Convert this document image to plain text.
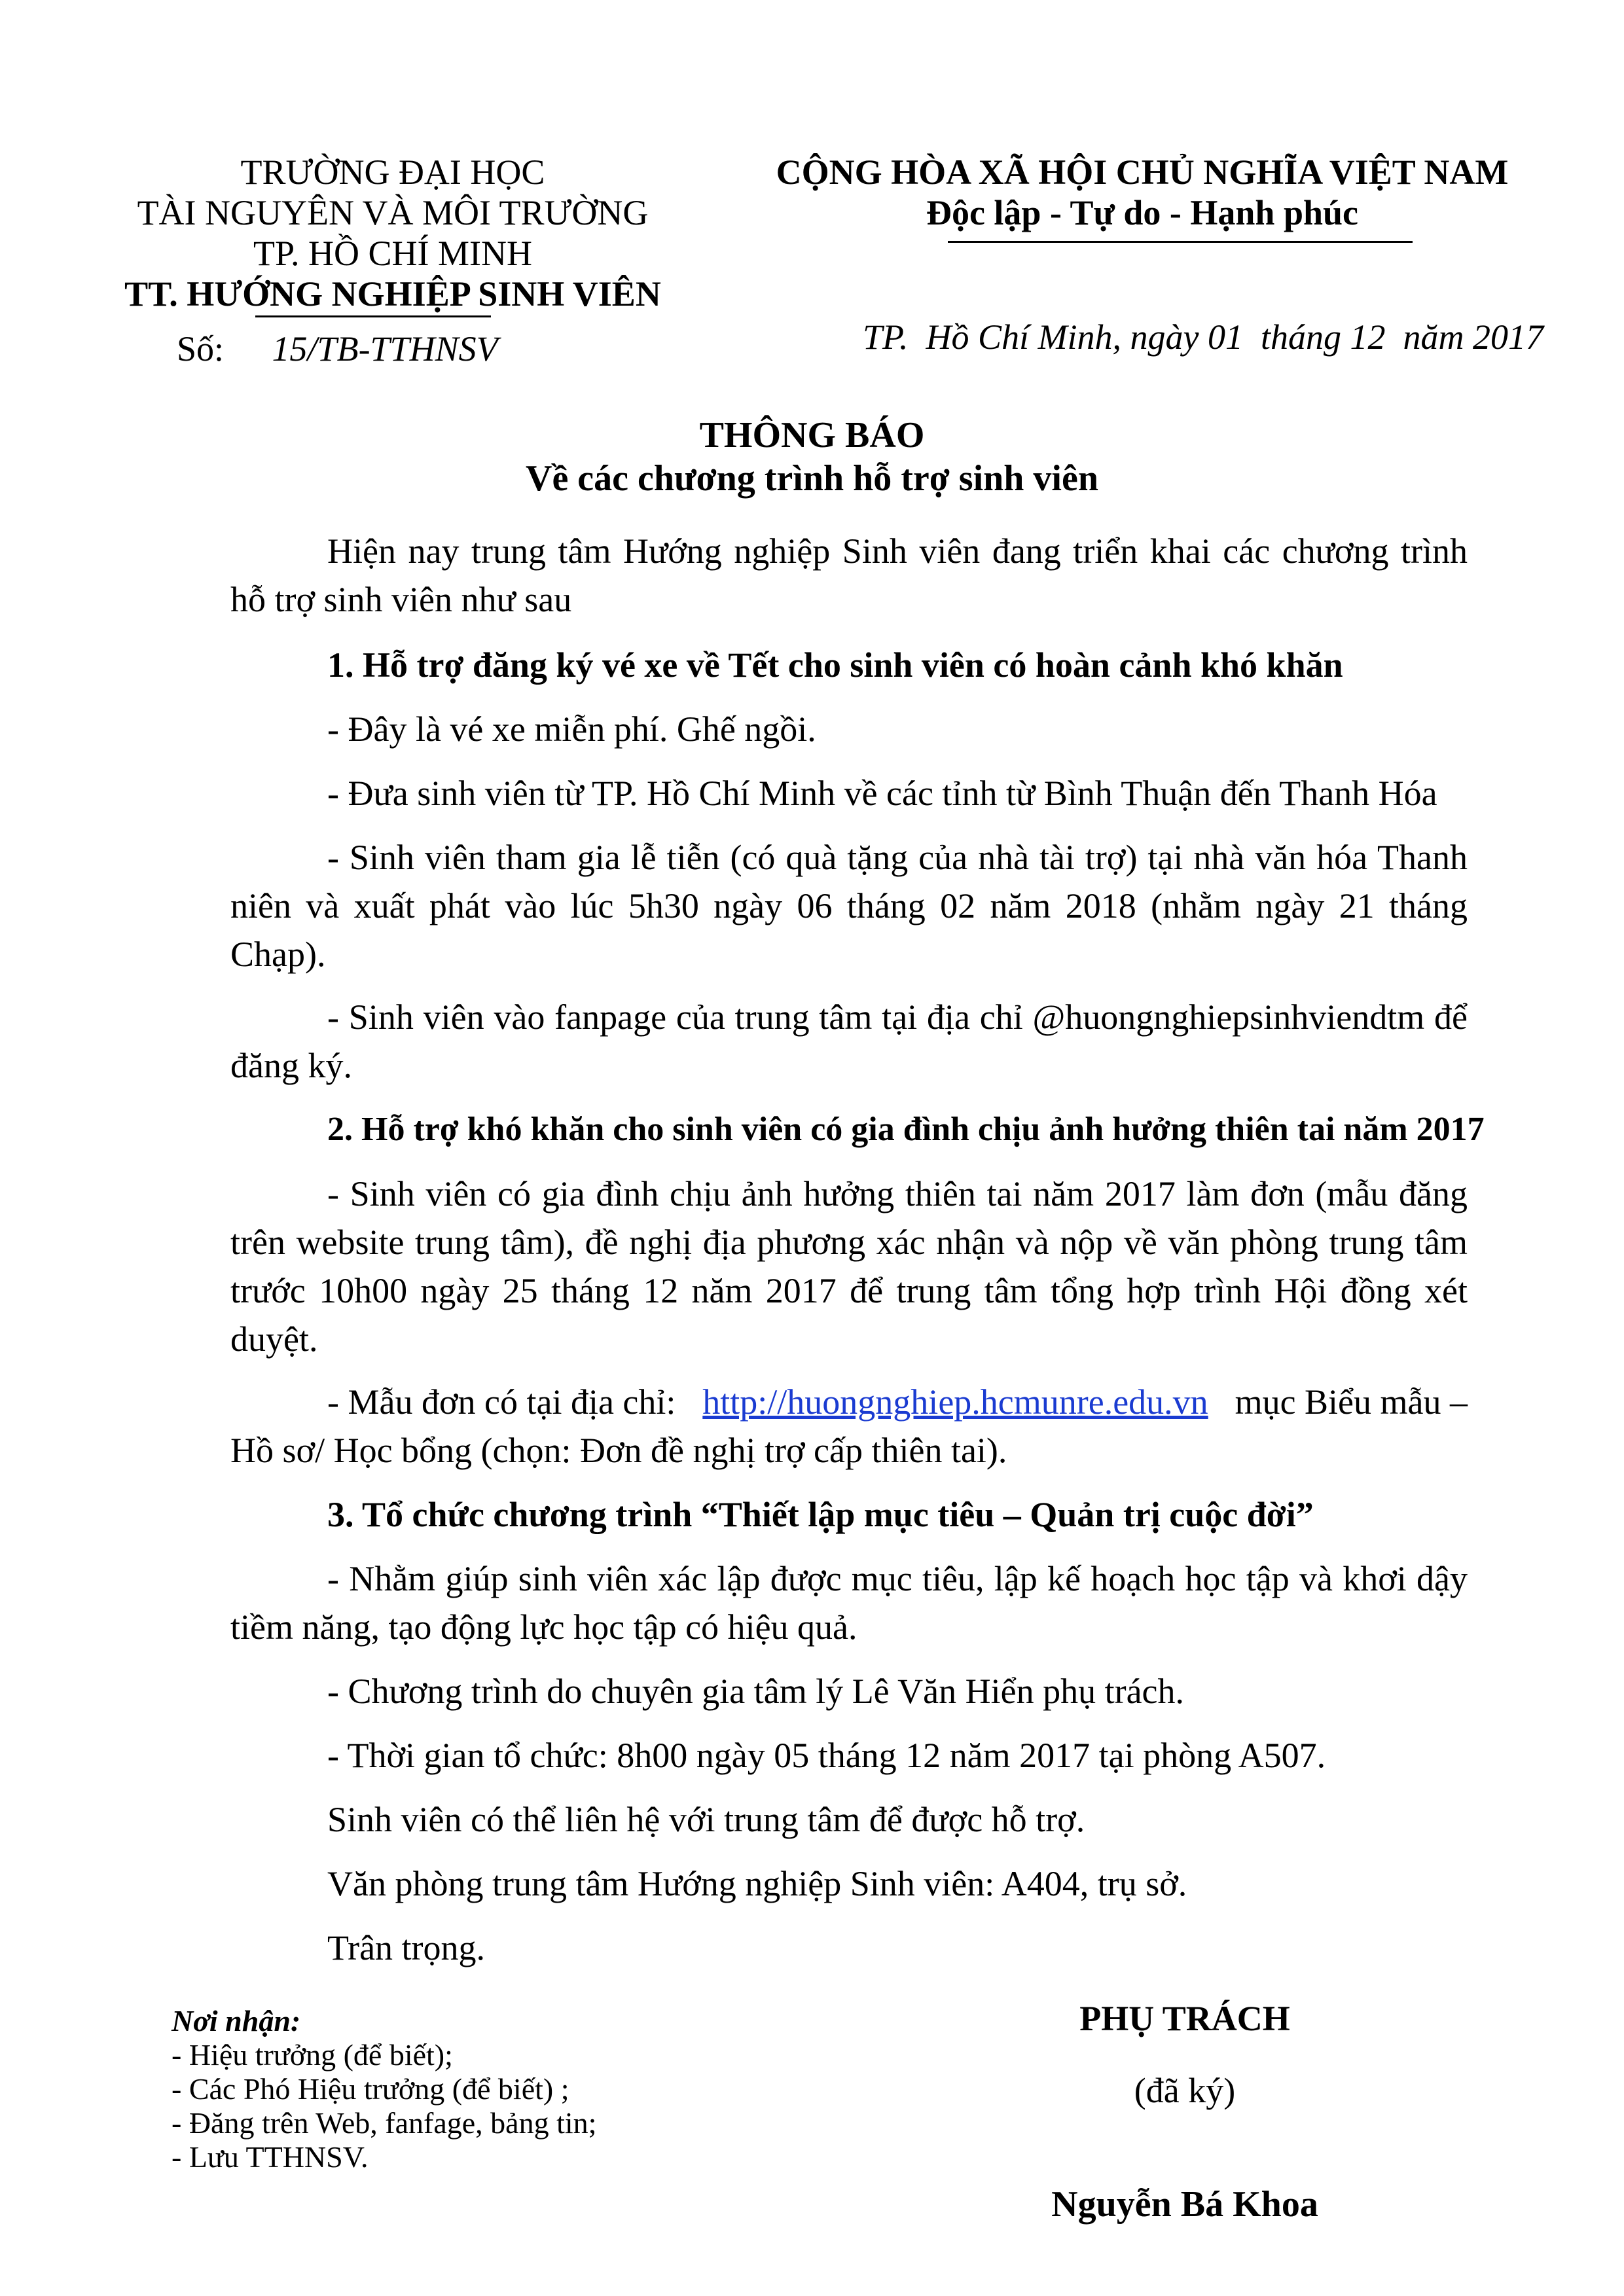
TRƯỜNG ĐẠI HỌC
TÀI NGUYÊN VÀ MÔI TRƯỜNG
TP. HỒ CHÍ MINH
TT. HƯỚNG NGHIỆP SINH VIÊN
Số: 15/TB-TTHNSV
CỘNG HÒA XÃ HỘI CHỦ NGHĨA VIỆT NAM
Độc lập - Tự do - Hạnh phúc
TP.  Hồ Chí Minh, ngày 01  tháng 12  năm 2017
THÔNG BÁO
Về các chương trình hỗ trợ sinh viên
Hiện nay trung tâm Hướng nghiệp Sinh viên đang triển khai các chương trình
hỗ trợ sinh viên như sau
1. Hỗ trợ đăng ký vé xe về Tết cho sinh viên có hoàn cảnh khó khăn
- Đây là vé xe miễn phí. Ghế ngồi.
- Đưa sinh viên từ TP. Hồ Chí Minh về các tỉnh từ Bình Thuận đến Thanh Hóa
- Sinh viên tham gia lễ tiễn (có quà tặng của nhà tài trợ) tại nhà văn hóa Thanh
niên và xuất phát vào lúc 5h30 ngày 06 tháng 02 năm 2018 (nhằm ngày 21 tháng
Chạp).
- Sinh viên vào fanpage của trung tâm tại địa chỉ @huongnghiepsinhviendtm để
đăng ký.
2. Hỗ trợ khó khăn cho sinh viên có gia đình chịu ảnh hưởng thiên tai năm 2017
- Sinh viên có gia đình chịu ảnh hưởng thiên tai năm 2017 làm đơn (mẫu đăng
trên website trung tâm), đề nghị địa phương xác nhận và nộp về văn phòng trung tâm
trước 10h00 ngày 25 tháng 12 năm 2017 để trung tâm tổng hợp trình Hội đồng xét
duyệt.
- Mẫu đơn có tại địa chỉ: http://huongnghiep.hcmunre.edu.vn mục Biểu mẫu –
Hồ sơ/ Học bổng (chọn: Đơn đề nghị trợ cấp thiên tai).
3. Tổ chức chương trình “Thiết lập mục tiêu – Quản trị cuộc đời”
- Nhằm giúp sinh viên xác lập được mục tiêu, lập kế hoạch học tập và khơi dậy
tiềm năng, tạo động lực học tập có hiệu quả.
- Chương trình do chuyên gia tâm lý Lê Văn Hiển phụ trách.
- Thời gian tổ chức: 8h00 ngày 05 tháng 12 năm 2017 tại phòng A507.
Sinh viên có thể liên hệ với trung tâm để được hỗ trợ.
Văn phòng trung tâm Hướng nghiệp Sinh viên: A404, trụ sở.
Trân trọng.
Nơi nhận:
- Hiệu trưởng (để biết);
- Các Phó Hiệu trưởng (để biết) ;
- Đăng trên Web, fanfage, bảng tin;
- Lưu TTHNSV.
PHỤ TRÁCH
(đã ký)
Nguyễn Bá Khoa
